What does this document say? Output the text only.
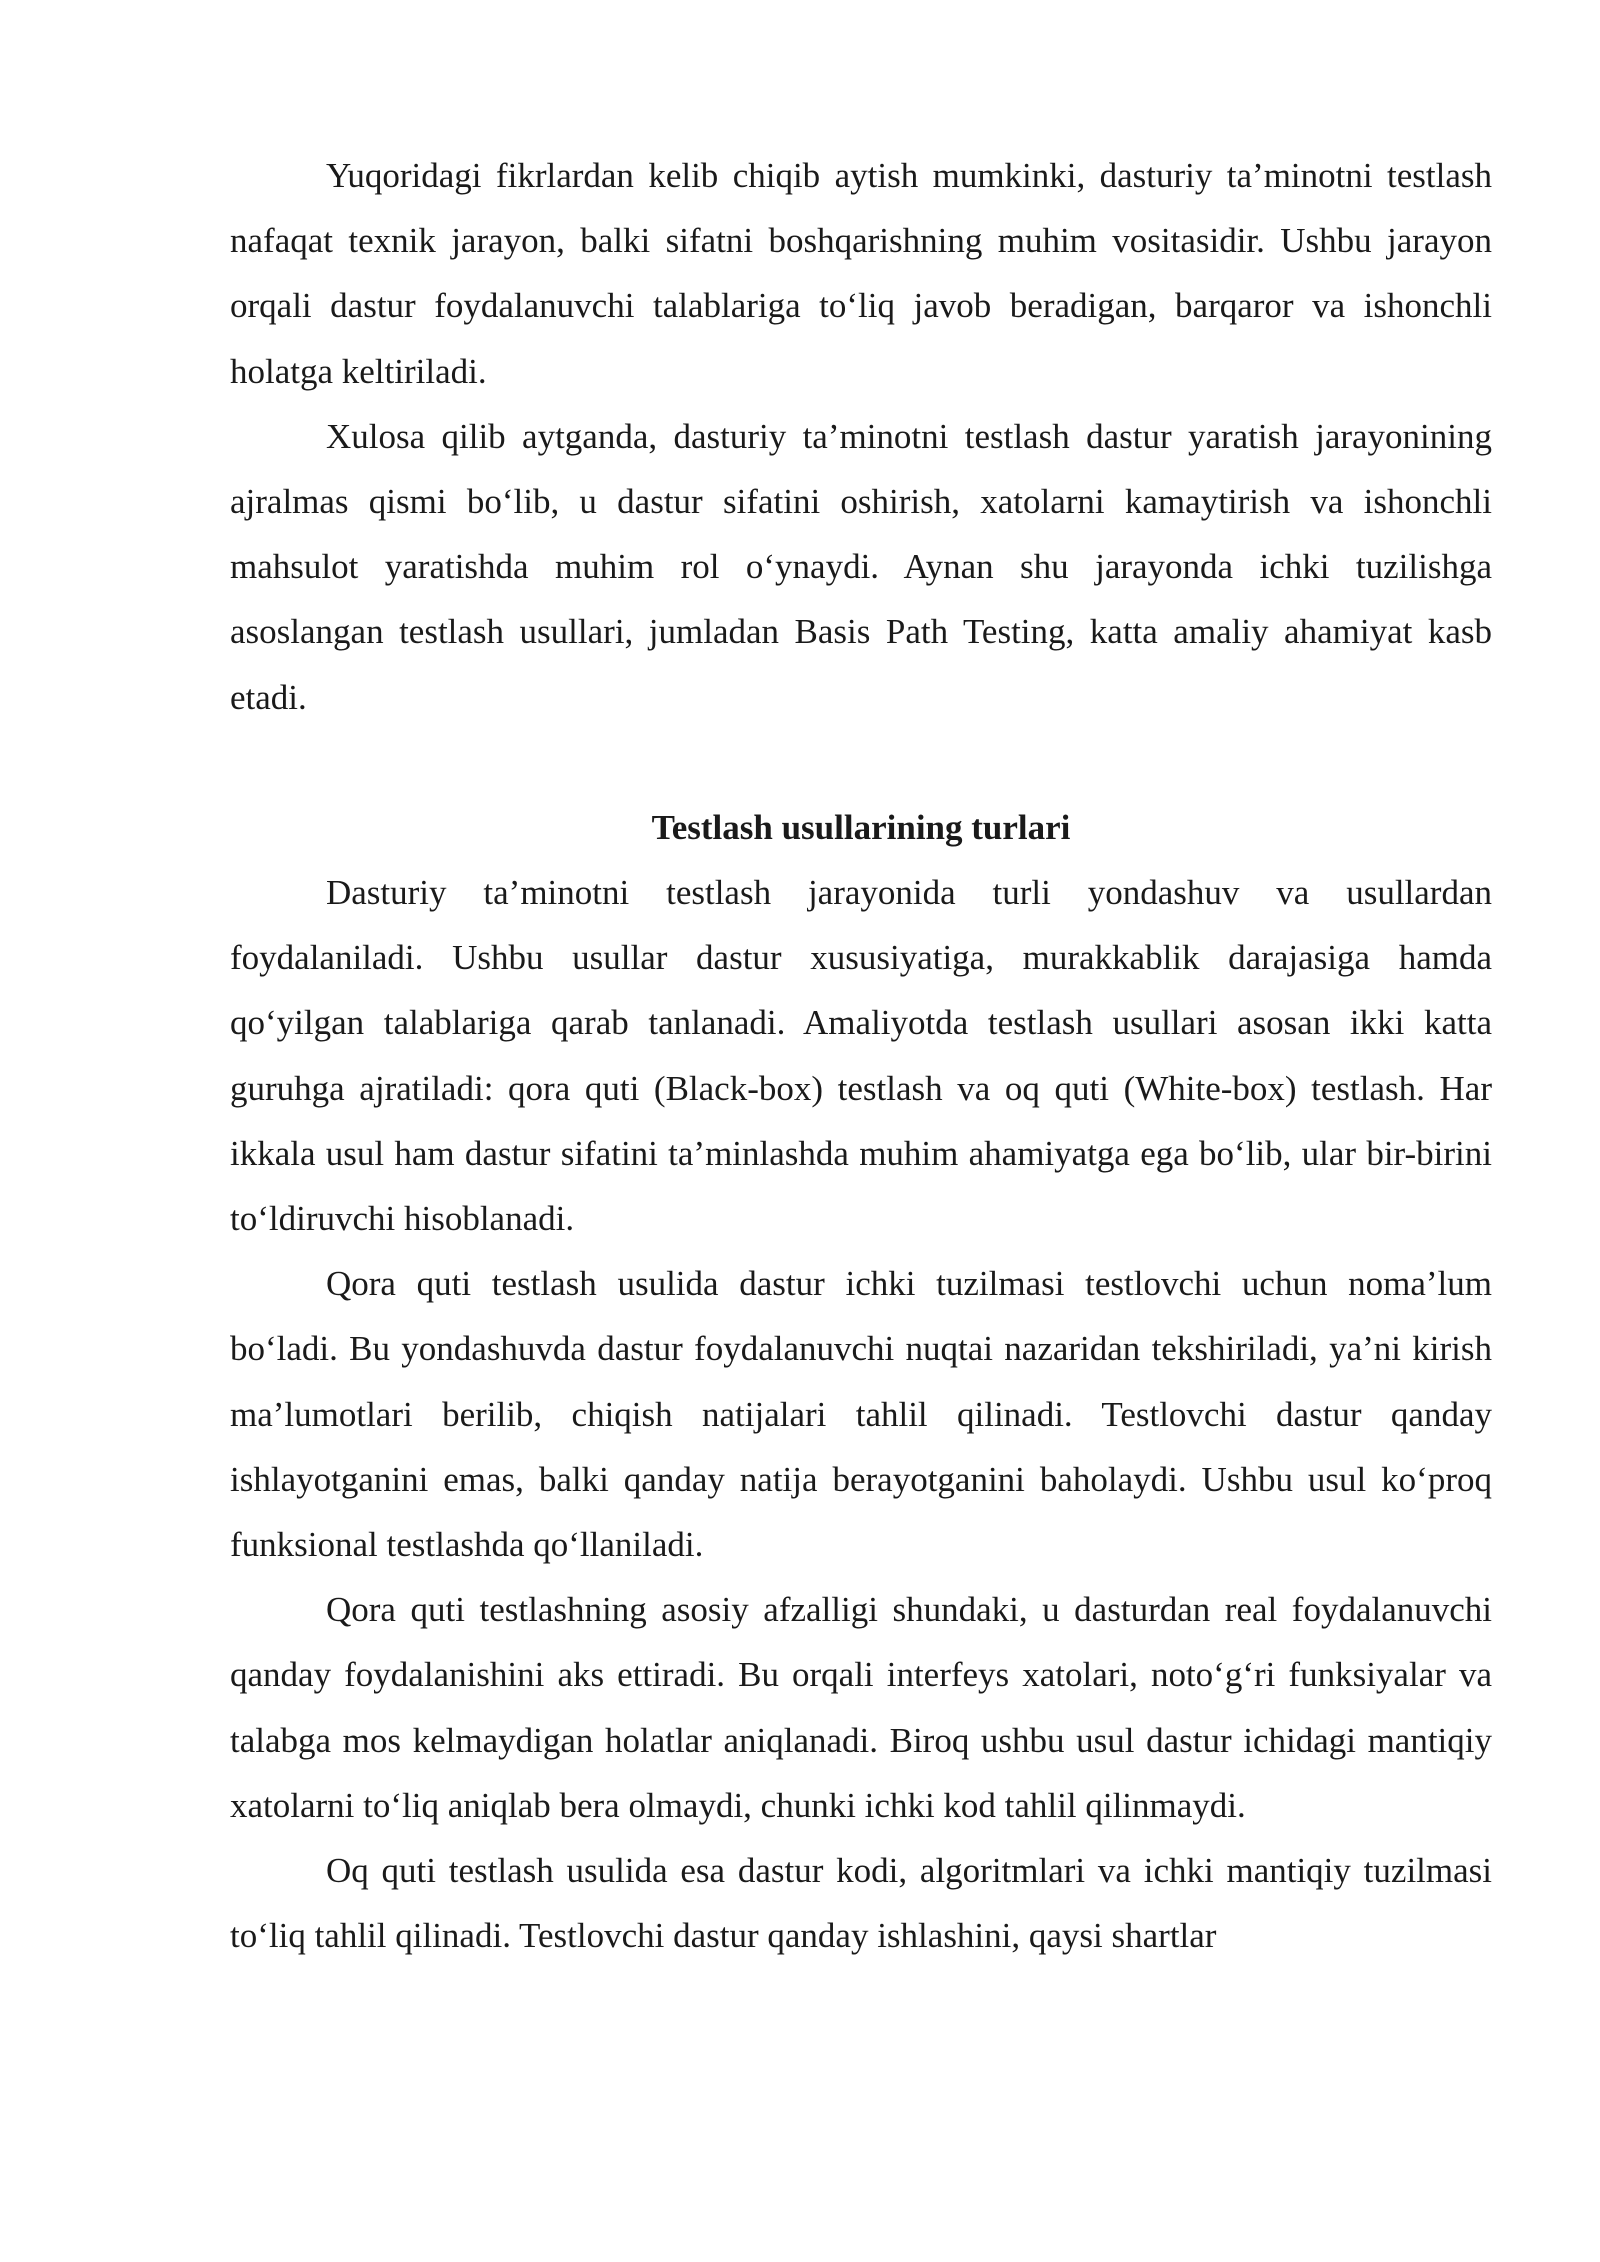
Yuqoridagi fikrlardan kelib chiqib aytish mumkinki, dasturiy ta’minotni testlash nafaqat texnik jarayon, balki sifatni boshqarishning muhim vositasidir. Ushbu jarayon orqali dastur foydalanuvchi talablariga to‘liq javob beradigan, barqaror va ishonchli holatga keltiriladi.

Xulosa qilib aytganda, dasturiy ta’minotni testlash dastur yaratish jarayonining ajralmas qismi bo‘lib, u dastur sifatini oshirish, xatolarni kamaytirish va ishonchli mahsulot yaratishda muhim rol o‘ynaydi. Aynan shu jarayonda ichki tuzilishga asoslangan testlash usullari, jumladan Basis Path Testing, katta amaliy ahamiyat kasb etadi.

Testlash usullarining turlari

Dasturiy ta’minotni testlash jarayonida turli yondashuv va usullardan foydalaniladi. Ushbu usullar dastur xususiyatiga, murakkablik darajasiga hamda qo‘yilgan talablariga qarab tanlanadi. Amaliyotda testlash usullari asosan ikki katta guruhga ajratiladi: qora quti (Black-box) testlash va oq quti (White-box) testlash. Har ikkala usul ham dastur sifatini ta’minlashda muhim ahamiyatga ega bo‘lib, ular bir-birini to‘ldiruvchi hisoblanadi.

Qora quti testlash usulida dastur ichki tuzilmasi testlovchi uchun noma’lum bo‘ladi. Bu yondashuvda dastur foydalanuvchi nuqtai nazaridan tekshiriladi, ya’ni kirish ma’lumotlari berilib, chiqish natijalari tahlil qilinadi. Testlovchi dastur qanday ishlayotganini emas, balki qanday natija berayotganini baholaydi. Ushbu usul ko‘proq funksional testlashda qo‘llaniladi.

Qora quti testlashning asosiy afzalligi shundaki, u dasturdan real foydalanuvchi qanday foydalanishini aks ettiradi. Bu orqali interfeys xatolari, noto‘g‘ri funksiyalar va talabga mos kelmaydigan holatlar aniqlanadi. Biroq ushbu usul dastur ichidagi mantiqiy xatolarni to‘liq aniqlab bera olmaydi, chunki ichki kod tahlil qilinmaydi.

Oq quti testlash usulida esa dastur kodi, algoritmlari va ichki mantiqiy tuzilmasi to‘liq tahlil qilinadi. Testlovchi dastur qanday ishlashini, qaysi shartlar
